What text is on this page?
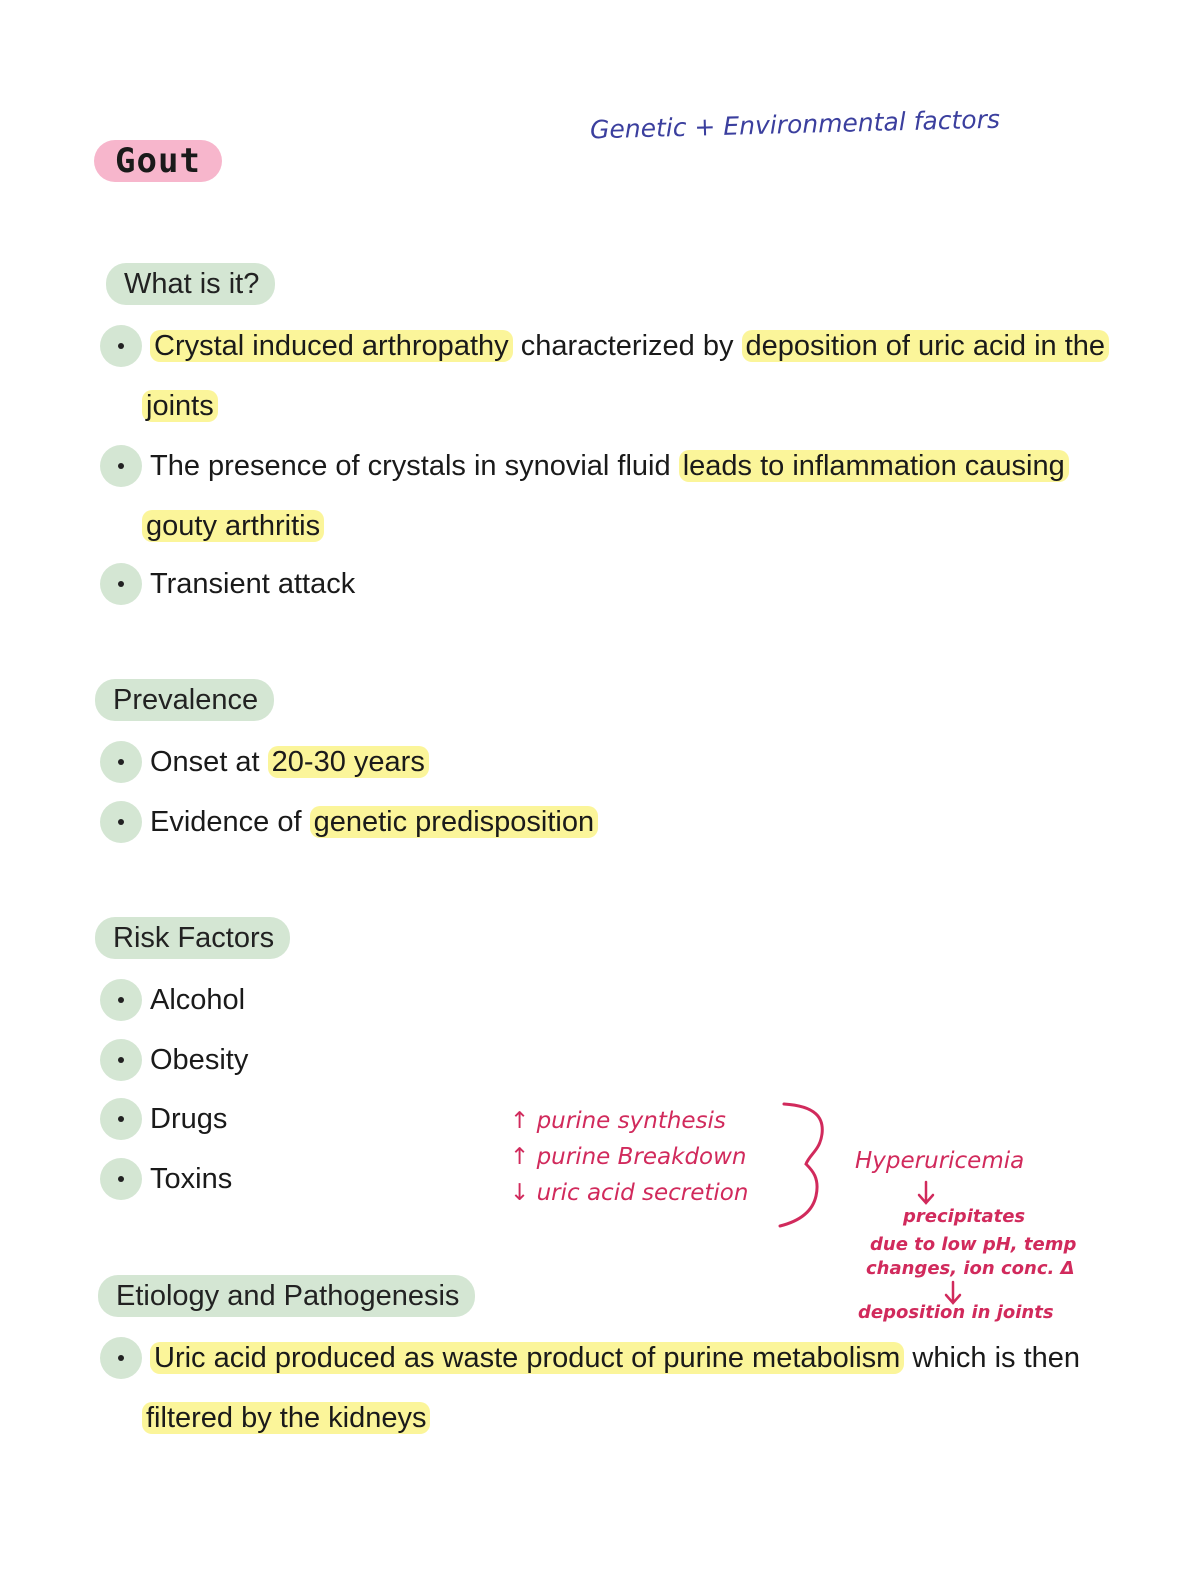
Gout
Genetic + Environmental factors
What is it?
Crystal induced arthropathy characterized by deposition of uric acid in the
joints
The presence of crystals in synovial fluid leads to inflammation causing
gouty arthritis
Transient attack
Prevalence
Onset at 20-30 years
Evidence of genetic predisposition
Risk Factors
Alcohol
Obesity
Drugs
Toxins
↑ purine synthesis
↑ purine Breakdown
↓ uric acid secretion
Hyperuricemia
precipitates
due to low pH, temp
changes, ion conc. Δ
deposition in joints
Etiology and Pathogenesis
Uric acid produced as waste product of purine metabolism which is then
filtered by the kidneys
